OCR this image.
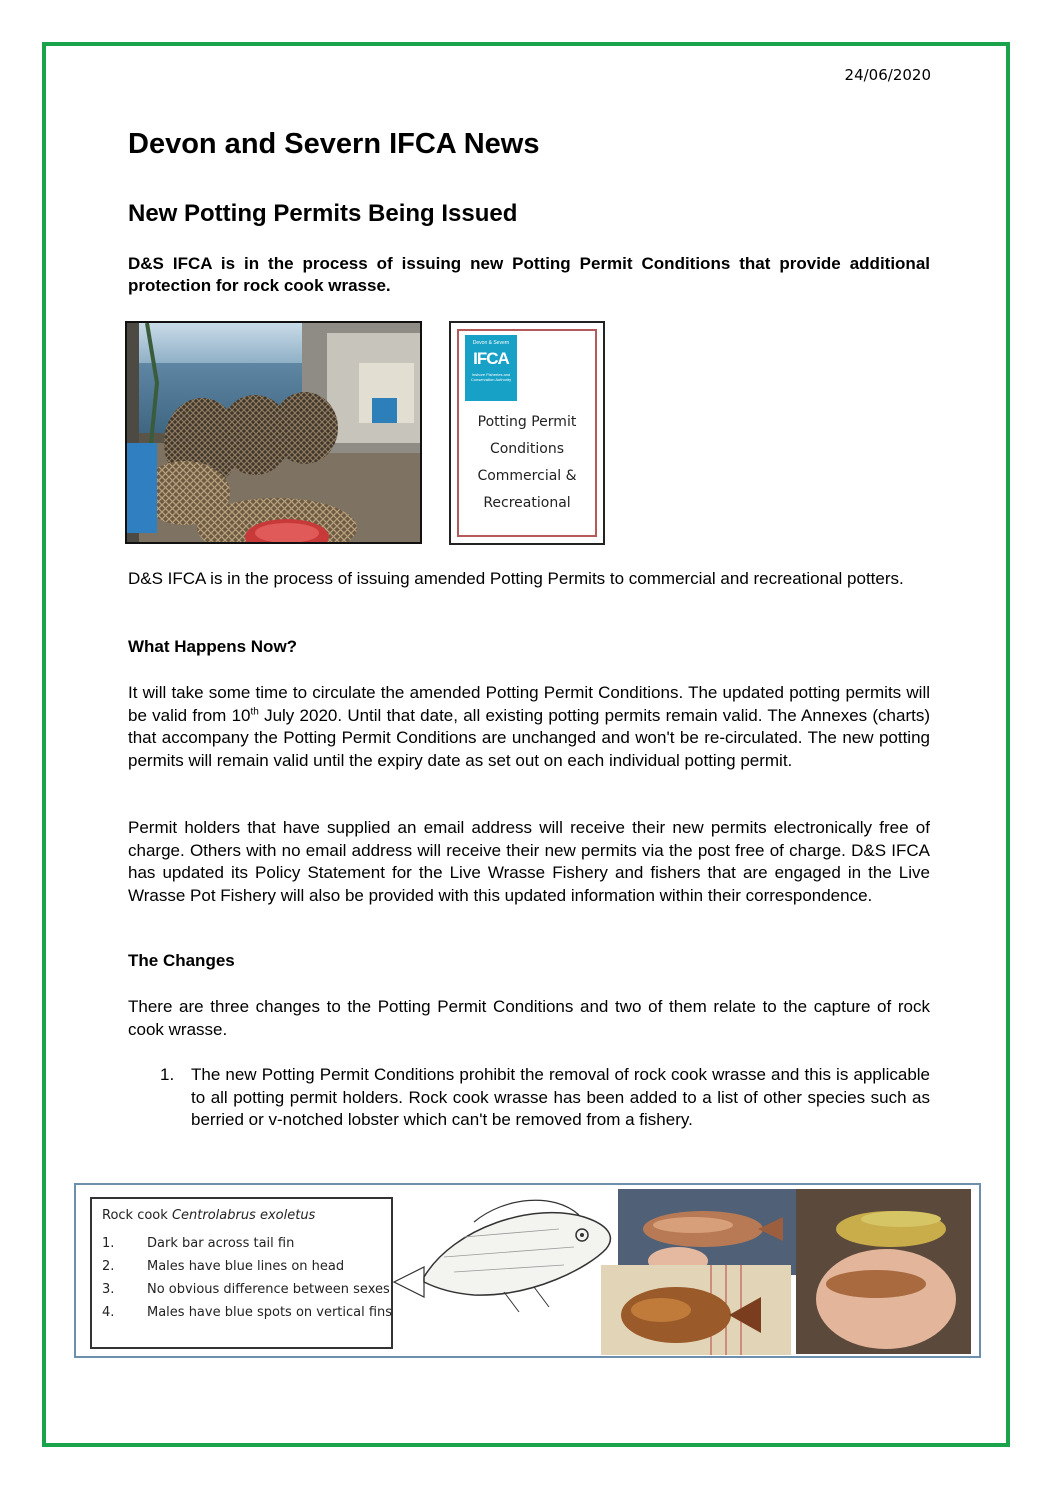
24/06/2020
Devon and Severn IFCA News
New Potting Permits Being Issued

D&S IFCA is in the process of issuing new Potting Permit Conditions that provide additional protection for rock cook wrasse.

Devon & Severn
IFCA
Inshore Fisheries and Conservation Authority
Potting Permit
Conditions
Commercial &
Recreational

D&S IFCA is in the process of issuing amended Potting Permits to commercial and recreational potters.

What Happens Now?

It will take some time to circulate the amended Potting Permit Conditions. The updated potting permits will be valid from 10th July 2020. Until that date, all existing potting permits remain valid. The Annexes (charts) that accompany the Potting Permit Conditions are unchanged and won't be re-circulated. The new potting permits will remain valid until the expiry date as set out on each individual potting permit.

Permit holders that have supplied an email address will receive their new permits electronically free of charge. Others with no email address will receive their new permits via the post free of charge. D&S IFCA has updated its Policy Statement for the Live Wrasse Fishery and fishers that are engaged in the Live Wrasse Pot Fishery will also be provided with this updated information within their correspondence.

The Changes

There are three changes to the Potting Permit Conditions and two of them relate to the capture of rock cook wrasse.

1. The new Potting Permit Conditions prohibit the removal of rock cook wrasse and this is applicable to all potting permit holders. Rock cook wrasse has been added to a list of other species such as berried or v-notched lobster which can't be removed from a fishery.
Rock cook Centrolabrus exoletus
1.	Dark bar across tail fin
2.	Males have blue lines on head
3.	No obvious difference between sexes
4.	Males have blue spots on vertical fins
